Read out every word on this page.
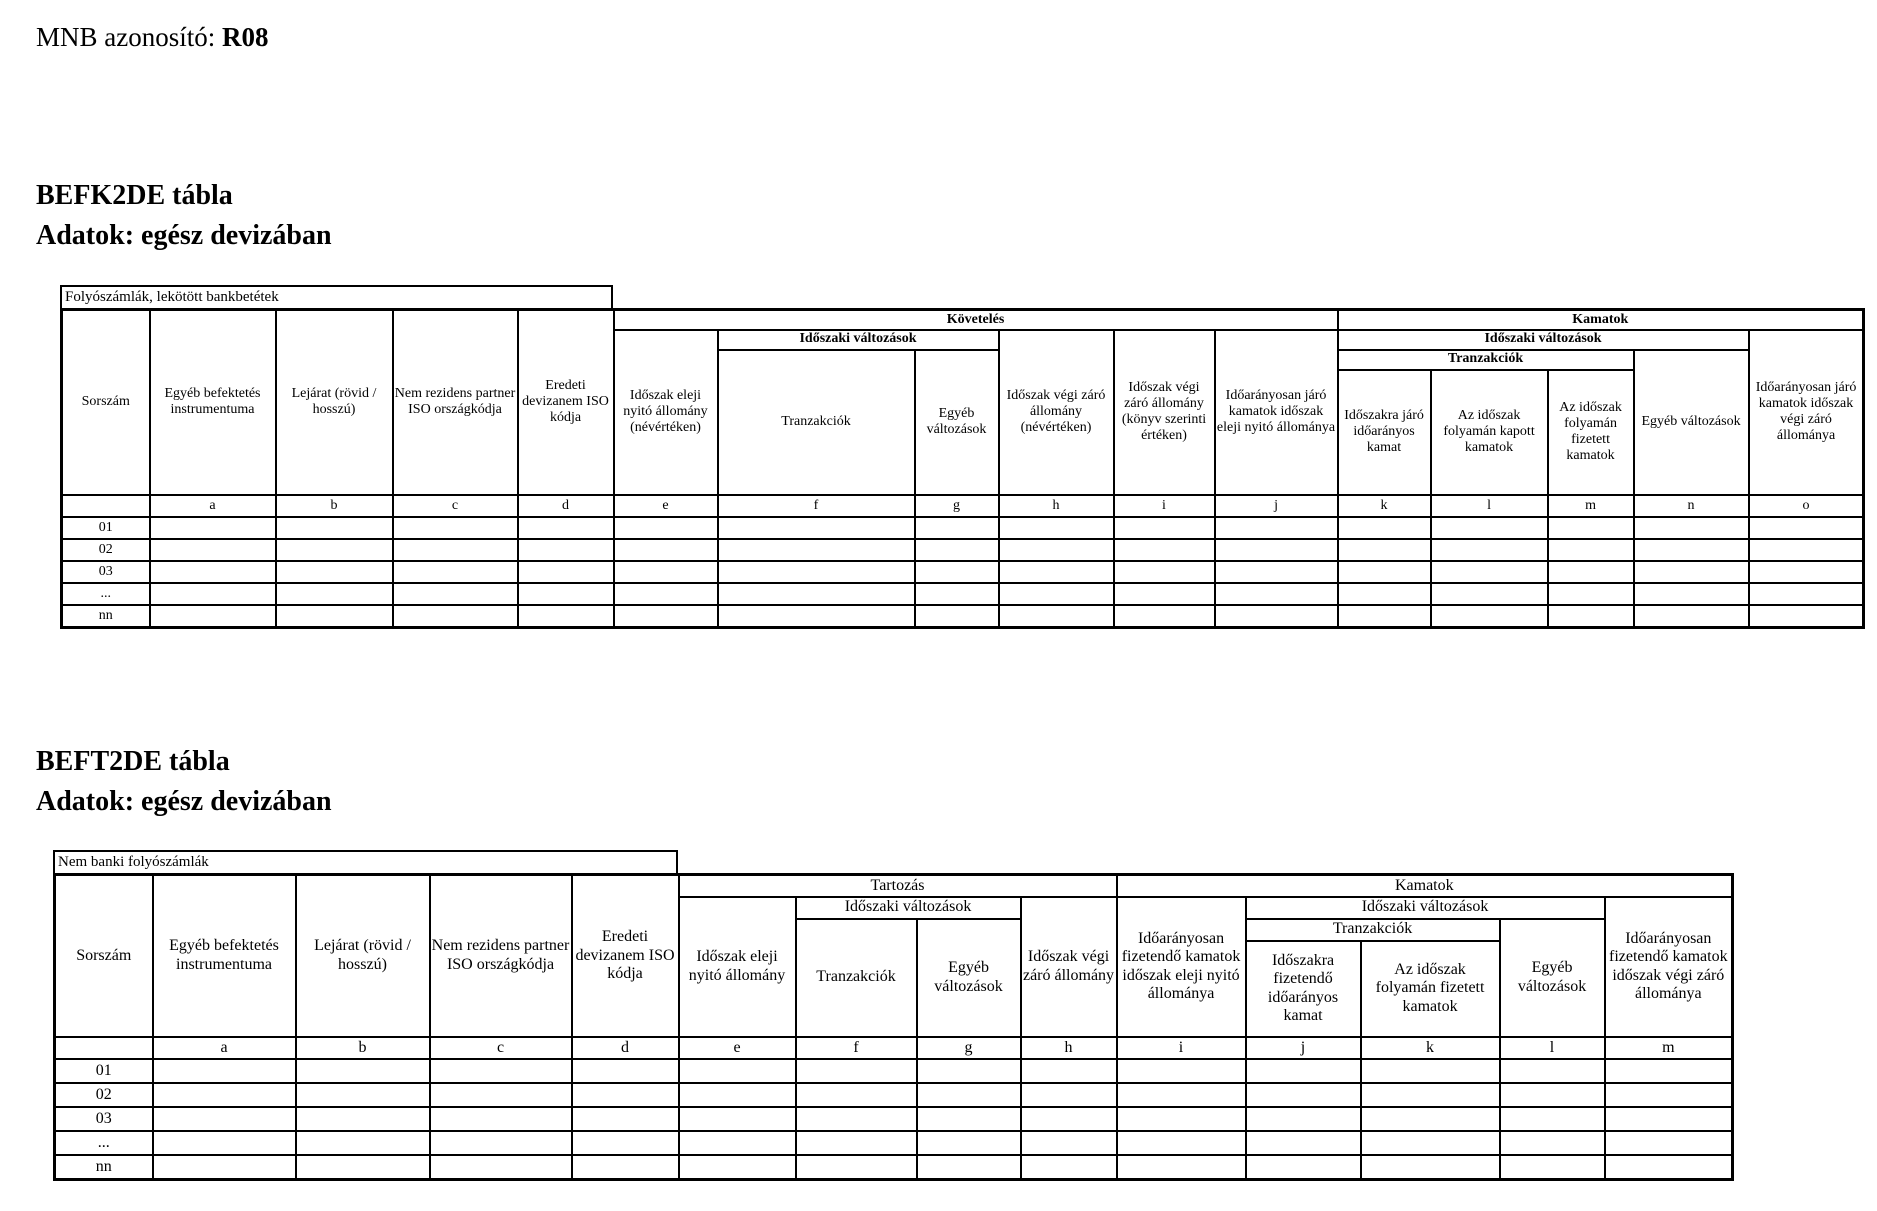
MNB azonosító: R08
BEFK2DE tábla
Adatok: egész devizában
Folyószámlák, lekötött bankbetétek
Sorszám	Egyéb befektetés instrumentuma	Lejárat (rövid / hosszú)	Nem rezidens partner ISO országkódja	Eredeti devizanem ISO kódja	Követelés						Kamatok				
					Időszak eleji nyitó állomány (névértéken)	Időszaki változások		Időszak végi záró állomány (névértéken)	Időszak végi záró állomány (könyv szerinti értéken)	Időarányosan járó kamatok időszak eleji nyitó állománya	Időszaki változások				Időarányosan járó kamatok időszak végi záró állománya
						Tranzakciók	Egyéb változások				Tranzakciók			Egyéb változások	
											Időszakra járó időarányos kamat	Az időszak folyamán kapott kamatok	Az időszak folyamán fizetett kamatok		
	a	b	c	d	e	f	g	h	i	j	k	l	m	n	o
01															
02															
03															
...															
nn															
BEFT2DE tábla
Adatok: egész devizában
Nem banki folyószámlák
Sorszám	Egyéb befektetés instrumentuma	Lejárat (rövid / hosszú)	Nem rezidens partner ISO országkódja	Eredeti devizanem ISO kódja	Tartozás				Kamatok				
					Időszak eleji nyitó állomány	Időszaki változások		Időszak végi záró állomány	Időarányosan fizetendő kamatok időszak eleji nyitó állománya	Időszaki változások			Időarányosan fizetendő kamatok időszak végi záró állománya
						Tranzakciók	Egyéb változások			Tranzakciók		Egyéb változások	
										Időszakra fizetendő időarányos kamat	Az időszak folyamán fizetett kamatok		
	a	b	c	d	e	f	g	h	i	j	k	l	m
01													
02													
03													
...													
nn													
